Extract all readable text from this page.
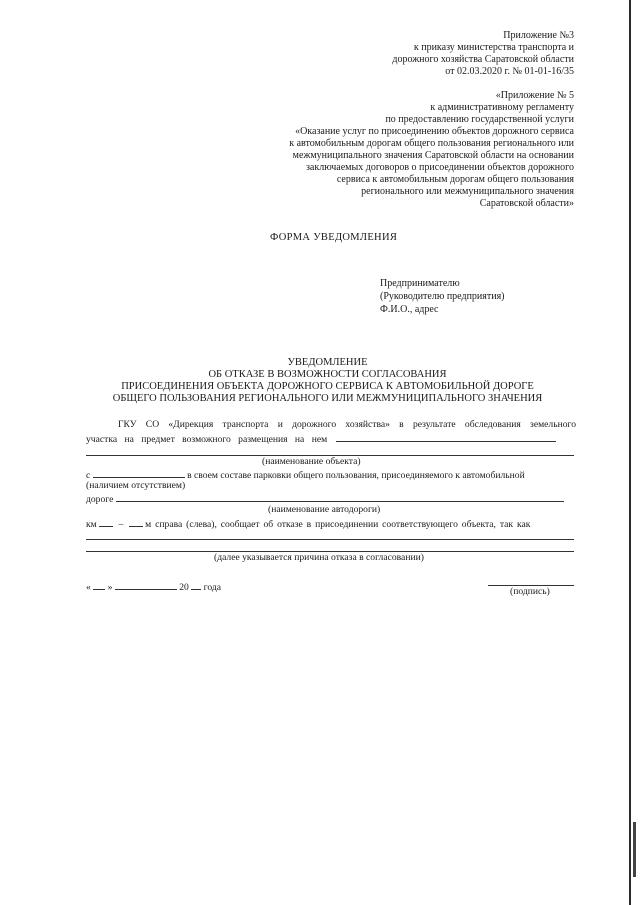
Приложение №3
к приказу министерства транспорта и
дорожного хозяйства Саратовской области
от 02.03.2020 г. № 01-01-16/35
«Приложение № 5
к административному регламенту
по предоставлению государственной услуги
«Оказание услуг по присоединению объектов дорожного сервиса
к автомобильным дорогам общего пользования регионального или
межмуниципального значения Саратовской области на основании
заключаемых договоров о присоединении объектов дорожного
сервиса к автомобильным дорогам общего пользования
регионального или межмуниципального значения
Саратовской области»
ФОРМА УВЕДОМЛЕНИЯ
Предпринимателю
(Руководителю предприятия)
Ф.И.О., адрес
УВЕДОМЛЕНИЕ
ОБ ОТКАЗЕ В ВОЗМОЖНОСТИ СОГЛАСОВАНИЯ
ПРИСОЕДИНЕНИЯ ОБЪЕКТА ДОРОЖНОГО СЕРВИСА К АВТОМОБИЛЬНОЙ ДОРОГЕ
ОБЩЕГО ПОЛЬЗОВАНИЯ РЕГИОНАЛЬНОГО ИЛИ МЕЖМУНИЦИПАЛЬНОГО ЗНАЧЕНИЯ
ГКУ СО «Дирекция транспорта и дорожного хозяйства» в результате обследования земельного
участка на предмет возможного размещения на нем
(наименование объекта)
с	в своем составе парковки общего пользования, присоединяемого к автомобильной
(наличием отсутствием)
дороге
(наименование автодороги)
км – м справа (слева), сообщает об отказе в присоединении соответствующего объекта, так как
(далее указывается причина отказа в согласовании)
« »	20 года	(подпись)
